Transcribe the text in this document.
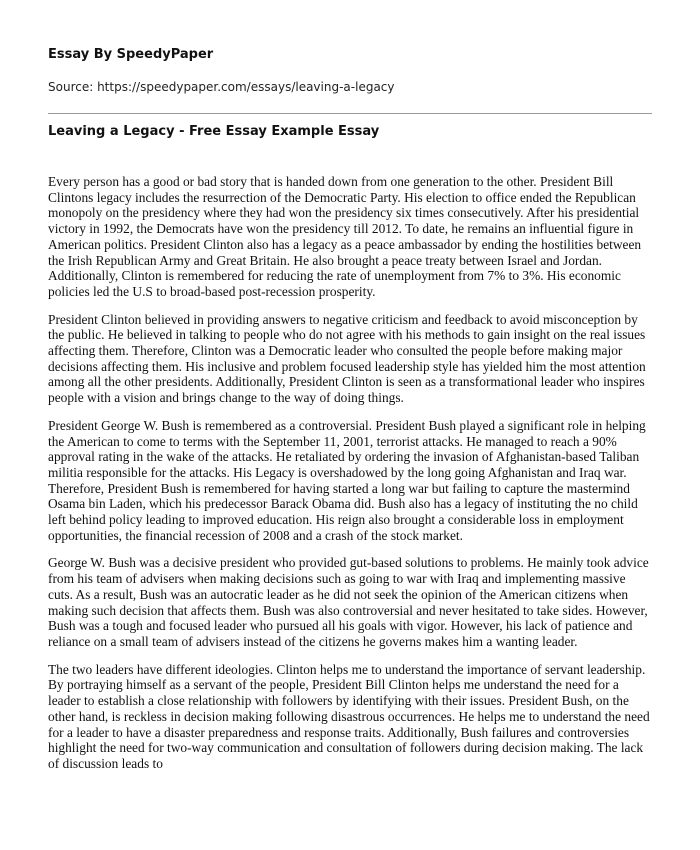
Essay By SpeedyPaper
Source: https://speedypaper.com/essays/leaving-a-legacy
Leaving a Legacy - Free Essay Example Essay

Every person has a good or bad story that is handed down from one generation to the other. President Bill Clintons legacy includes the resurrection of the Democratic Party. His election to office ended the Republican monopoly on the presidency where they had won the presidency six times consecutively. After his presidential victory in 1992, the Democrats have won the presidency till 2012. To date, he remains an influential figure in American politics. President Clinton also has a legacy as a peace ambassador by ending the hostilities between the Irish Republican Army and Great Britain. He also brought a peace treaty between Israel and Jordan. Additionally, Clinton is remembered for reducing the rate of unemployment from 7% to 3%. His economic policies led the U.S to broad-based post-recession prosperity.

President Clinton believed in providing answers to negative criticism and feedback to avoid misconception by the public. He believed in talking to people who do not agree with his methods to gain insight on the real issues affecting them. Therefore, Clinton was a Democratic leader who consulted the people before making major decisions affecting them. His inclusive and problem focused leadership style has yielded him the most attention among all the other presidents. Additionally, President Clinton is seen as a transformational leader who inspires people with a vision and brings change to the way of doing things.

President George W. Bush is remembered as a controversial. President Bush played a significant role in helping the American to come to terms with the September 11, 2001, terrorist attacks. He managed to reach a 90% approval rating in the wake of the attacks. He retaliated by ordering the invasion of Afghanistan-based Taliban militia responsible for the attacks. His Legacy is overshadowed by the long going Afghanistan and Iraq war. Therefore, President Bush is remembered for having started a long war but failing to capture the mastermind Osama bin Laden, which his predecessor Barack Obama did. Bush also has a legacy of instituting the no child left behind policy leading to improved education. His reign also brought a considerable loss in employment opportunities, the financial recession of 2008 and a crash of the stock market.

George W. Bush was a decisive president who provided gut-based solutions to problems. He mainly took advice from his team of advisers when making decisions such as going to war with Iraq and implementing massive cuts. As a result, Bush was an autocratic leader as he did not seek the opinion of the American citizens when making such decision that affects them. Bush was also controversial and never hesitated to take sides. However, Bush was a tough and focused leader who pursued all his goals with vigor. However, his lack of patience and reliance on a small team of advisers instead of the citizens he governs makes him a wanting leader.

The two leaders have different ideologies. Clinton helps me to understand the importance of servant leadership. By portraying himself as a servant of the people, President Bill Clinton helps me understand the need for a leader to establish a close relationship with followers by identifying with their issues. President Bush, on the other hand, is reckless in decision making following disastrous occurrences. He helps me to understand the need for a leader to have a disaster preparedness and response traits. Additionally, Bush failures and controversies highlight the need for two-way communication and consultation of followers during decision making. The lack of discussion leads to
